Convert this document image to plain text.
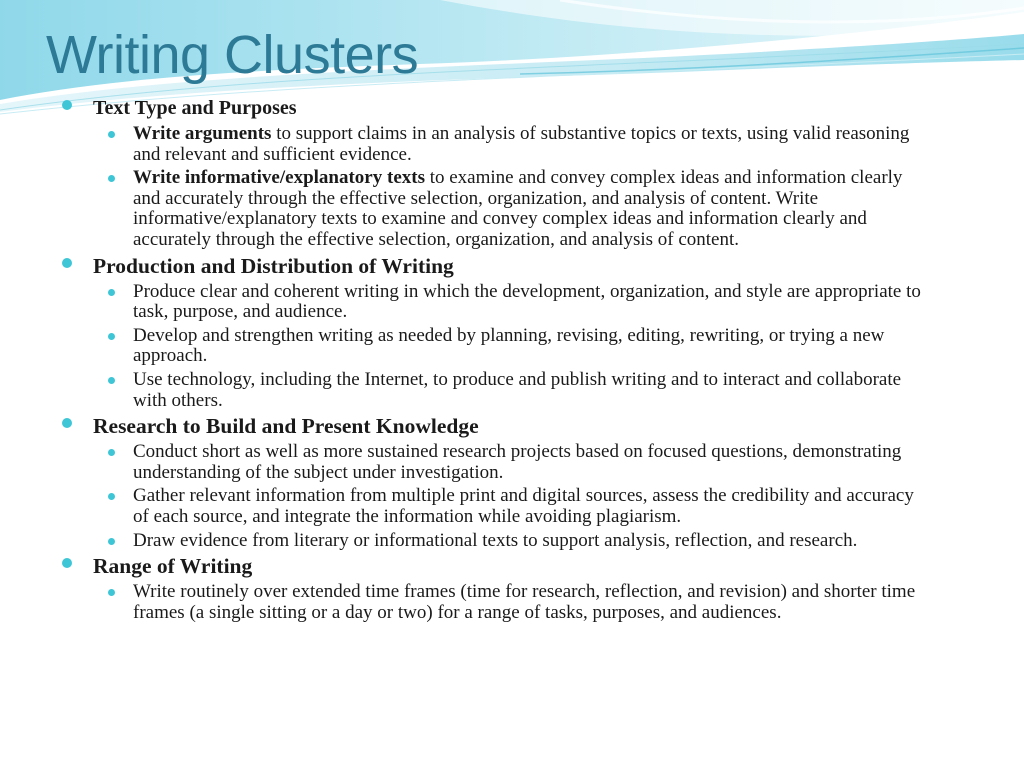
Writing Clusters
Text Type and Purposes
Write arguments to support claims in an analysis of substantive topics or texts, using valid reasoning and relevant and sufficient evidence.
Write informative/explanatory texts to examine and convey complex ideas and information clearly and accurately through the effective selection, organization, and analysis of content. Write informative/explanatory texts to examine and convey complex ideas and information clearly and accurately through the effective selection, organization, and analysis of content.
Production and Distribution of Writing
Produce clear and coherent writing in which the development, organization, and style are appropriate to task, purpose, and audience.
Develop and strengthen writing as needed by planning, revising, editing, rewriting, or trying a new approach.
Use technology, including the Internet, to produce and publish writing and to interact and collaborate with others.
Research to Build and Present Knowledge
Conduct short as well as more sustained research projects based on focused questions, demonstrating understanding of the subject under investigation.
Gather relevant information from multiple print and digital sources, assess the credibility and accuracy of each source, and integrate the information while avoiding plagiarism.
Draw evidence from literary or informational texts to support analysis, reflection, and research.
Range of Writing
Write routinely over extended time frames (time for research, reflection, and revision) and shorter time frames (a single sitting or a day or two) for a range of tasks, purposes, and audiences.
